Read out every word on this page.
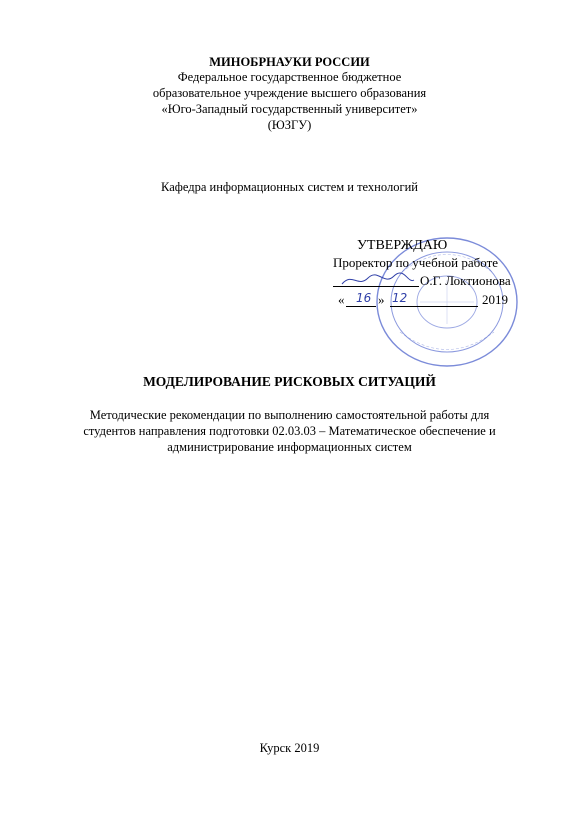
МИНОБРНАУКИ РОССИИ
Федеральное государственное бюджетное
образовательное учреждение высшего образования
«Юго-Западный государственный университет»
(ЮЗГУ)
Кафедра информационных систем и технологий
УТВЕРЖДАЮ
Проректор по учебной работе
О.Г. Локтионова
« 16 » 12	2019
МОДЕЛИРОВАНИЕ РИСКОВЫХ СИТУАЦИЙ
Методические рекомендации по выполнению самостоятельной работы для
студентов направления подготовки 02.03.03 – Математическое обеспечение и
администрирование информационных систем
Курск 2019
